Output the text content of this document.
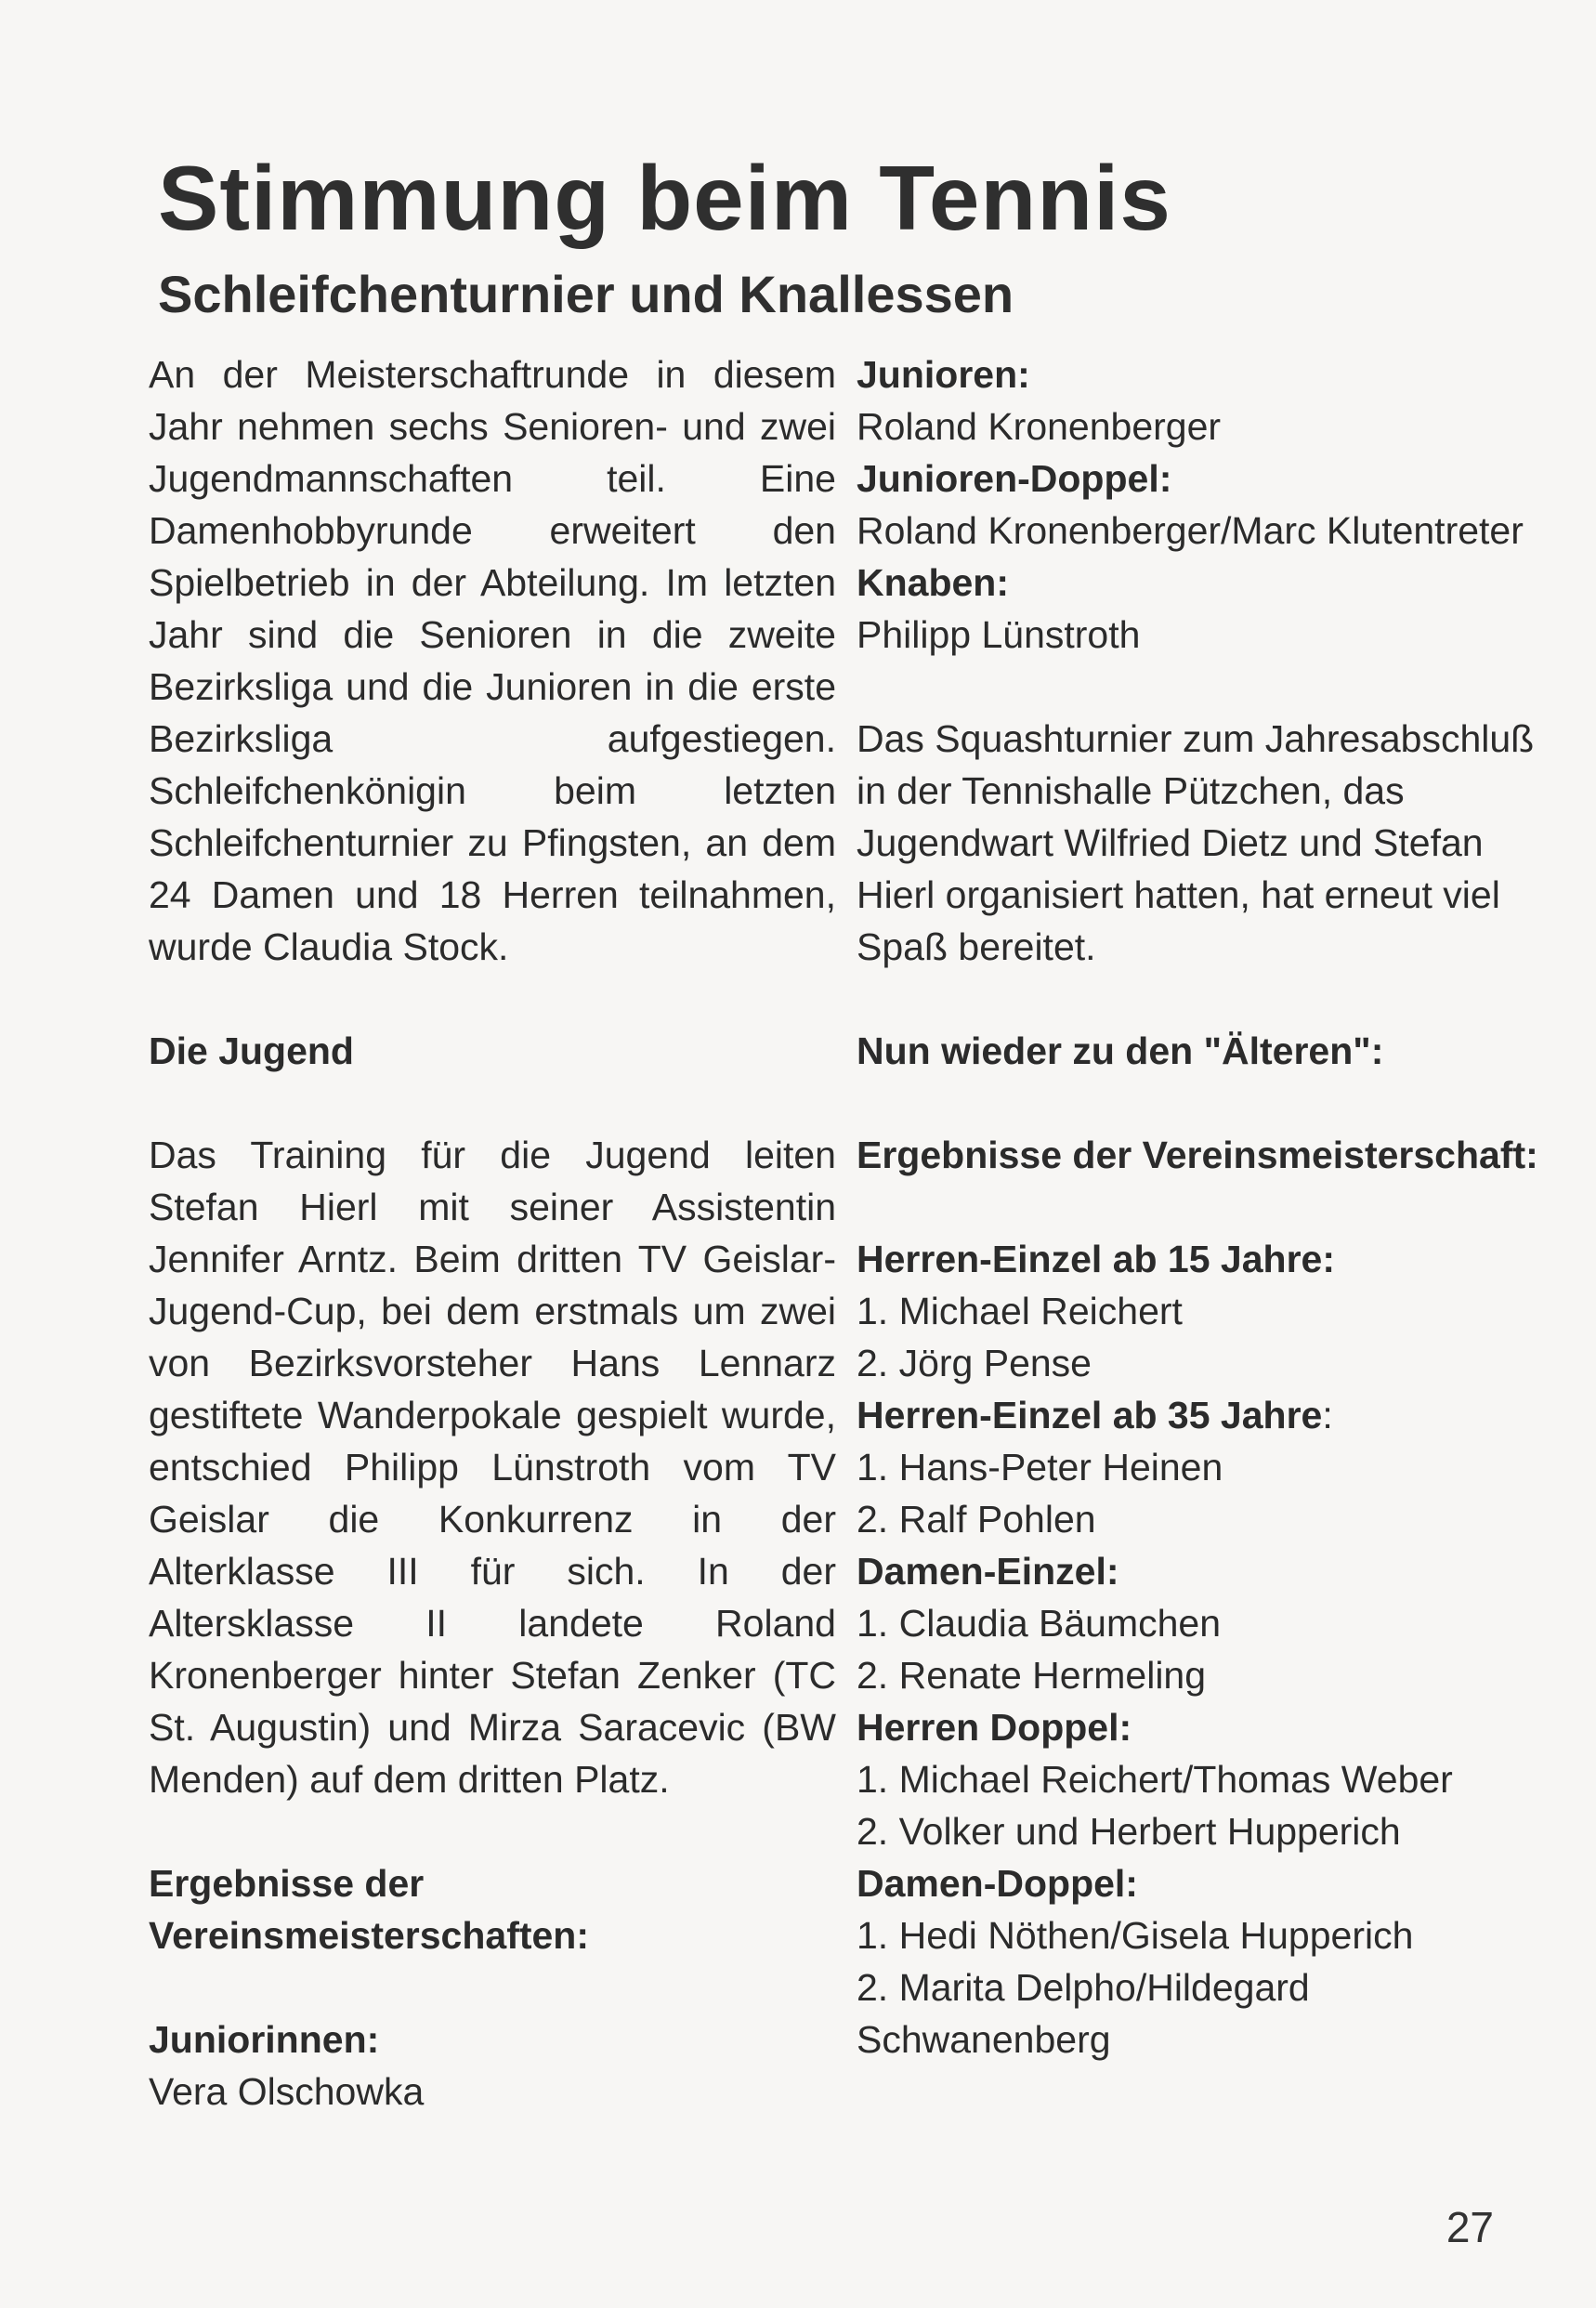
Stimmung beim Tennis
Schleifchenturnier und Knallessen

An der Meisterschaftrunde in diesem Jahr nehmen sechs Senioren- und zwei Jugendmannschaften teil. Eine Damenhobbyrunde erweitert den Spielbetrieb in der Abteilung. Im letzten Jahr sind die Senioren in die zweite Bezirksliga und die Junioren in die erste Bezirksliga aufgestiegen. Schleifchenkönigin beim letzten Schleifchenturnier zu Pfingsten, an dem 24 Damen und 18 Herren teilnahmen, wurde Claudia Stock.

Die Jugend

Das Training für die Jugend leiten Stefan Hierl mit seiner Assistentin Jennifer Arntz. Beim dritten TV Geislar-Jugend-Cup, bei dem erstmals um zwei von Bezirksvorsteher Hans Lennarz gestiftete Wanderpokale gespielt wurde, entschied Philipp Lünstroth vom TV Geislar die Konkurrenz in der Alterklasse III für sich. In der Altersklasse II landete Roland Kronenberger hinter Stefan Zenker (TC St. Augustin) und Mirza Saracevic (BW Menden) auf dem dritten Platz.

Ergebnisse der Vereinsmeisterschaften:

Juniorinnen:

Vera Olschowka

Junioren:

Roland Kronenberger

Junioren-Doppel:

Roland Kronenberger/Marc Klutentreter

Knaben:

Philipp Lünstroth

Das Squashturnier zum Jahresabschluß in der Tennishalle Pützchen, das Jugendwart Wilfried Dietz und Stefan Hierl organisiert hatten, hat erneut viel Spaß bereitet.

Nun wieder zu den "Älteren":

Ergebnisse der Vereinsmeisterschaft:

Herren-Einzel ab 15 Jahre:

1. Michael Reichert

2. Jörg Pense

Herren-Einzel ab 35 Jahre:

1. Hans-Peter Heinen

2. Ralf Pohlen

Damen-Einzel:

1. Claudia Bäumchen

2. Renate Hermeling

Herren Doppel:

1. Michael Reichert/Thomas Weber

2. Volker und Herbert Hupperich

Damen-Doppel:

1. Hedi Nöthen/Gisela Hupperich

2. Marita Delpho/Hildegard Schwanenberg

27
